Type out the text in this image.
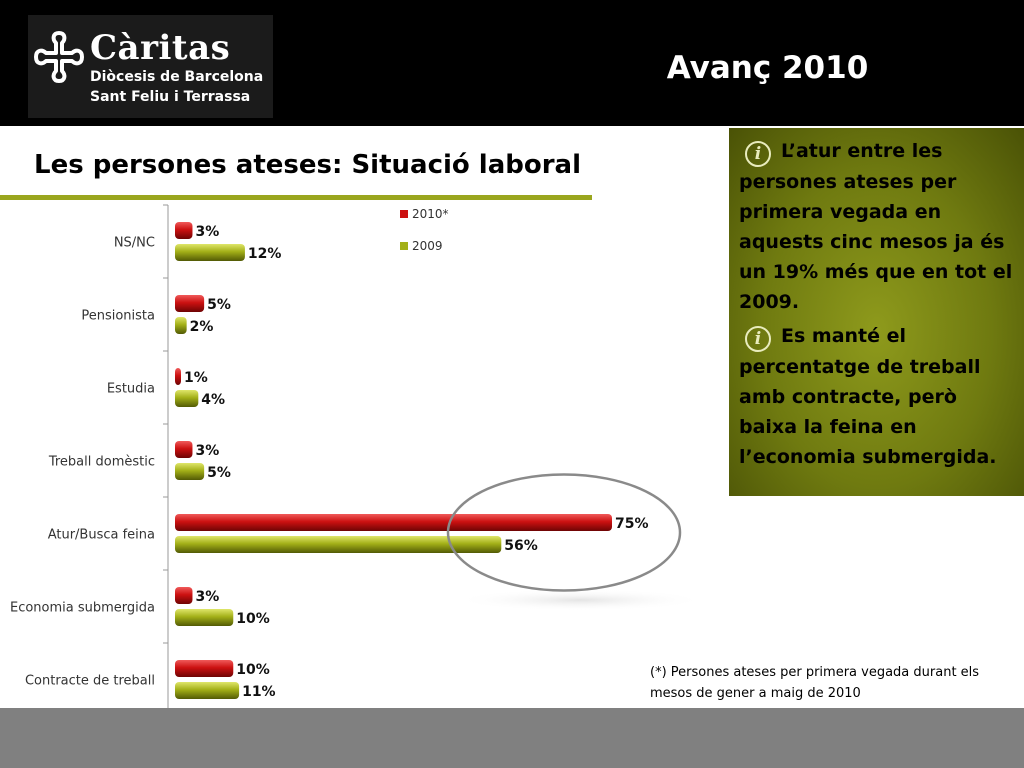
Càritas
Diòcesis de Barcelona
Sant Feliu i Terrassa
Avanç 2010
Les persones ateses: Situació laboral
NS/NC
3%
12%
Pensionista
5%
2%
Estudia
1%
4%
Treball domèstic
3%
5%
Atur/Busca feina
75%
56%
Economia submergida
3%
10%
Contracte de treball
10%
11%
2010*
2009

i L’atur entre les persones ateses per primera vegada en aquests cinc mesos ja és un 19% més que en tot el 2009.

i Es manté el percentatge de treball amb contracte, però baixa la feina en l’economia submergida.

(*) Persones ateses per primera vegada durant els mesos de gener a maig de 2010
